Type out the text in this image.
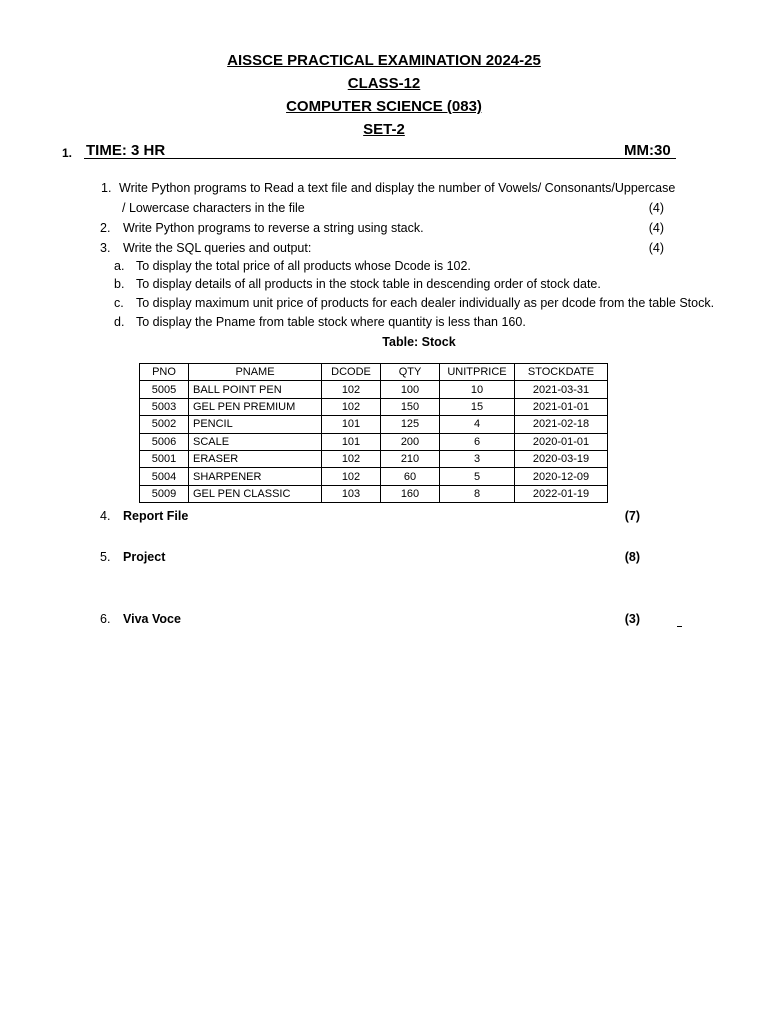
AISSCE PRACTICAL EXAMINATION 2024-25
CLASS-12
COMPUTER SCIENCE (083)
SET-2
1. TIME: 3 HR	MM:30
1. Write Python programs to Read a text file and display the number of Vowels/ Consonants/Uppercase
/ Lowercase characters in the file	(4)
2. Write Python programs to reverse a string using stack.	(4)
3. Write the SQL queries and output:	(4)
a. To display the total price of all products whose Dcode is 102.
b. To display details of all products in the stock table in descending order of stock date.
c. To display maximum unit price of products for each dealer individually as per dcode from the table Stock.
d. To display the Pname from table stock where quantity is less than 160.
Table: Stock
PNO	PNAME	DCODE	QTY	UNITPRICE	STOCKDATE
5005	BALL POINT PEN	102	100	10	2021-03-31
5003	GEL PEN PREMIUM	102	150	15	2021-01-01
5002	PENCIL	101	125	4	2021-02-18
5006	SCALE	101	200	6	2020-01-01
5001	ERASER	102	210	3	2020-03-19
5004	SHARPENER	102	60	5	2020-12-09
5009	GEL PEN CLASSIC	103	160	8	2022-01-19
4. Report File	(7)
5. Project	(8)
6. Viva Voce	(3)
